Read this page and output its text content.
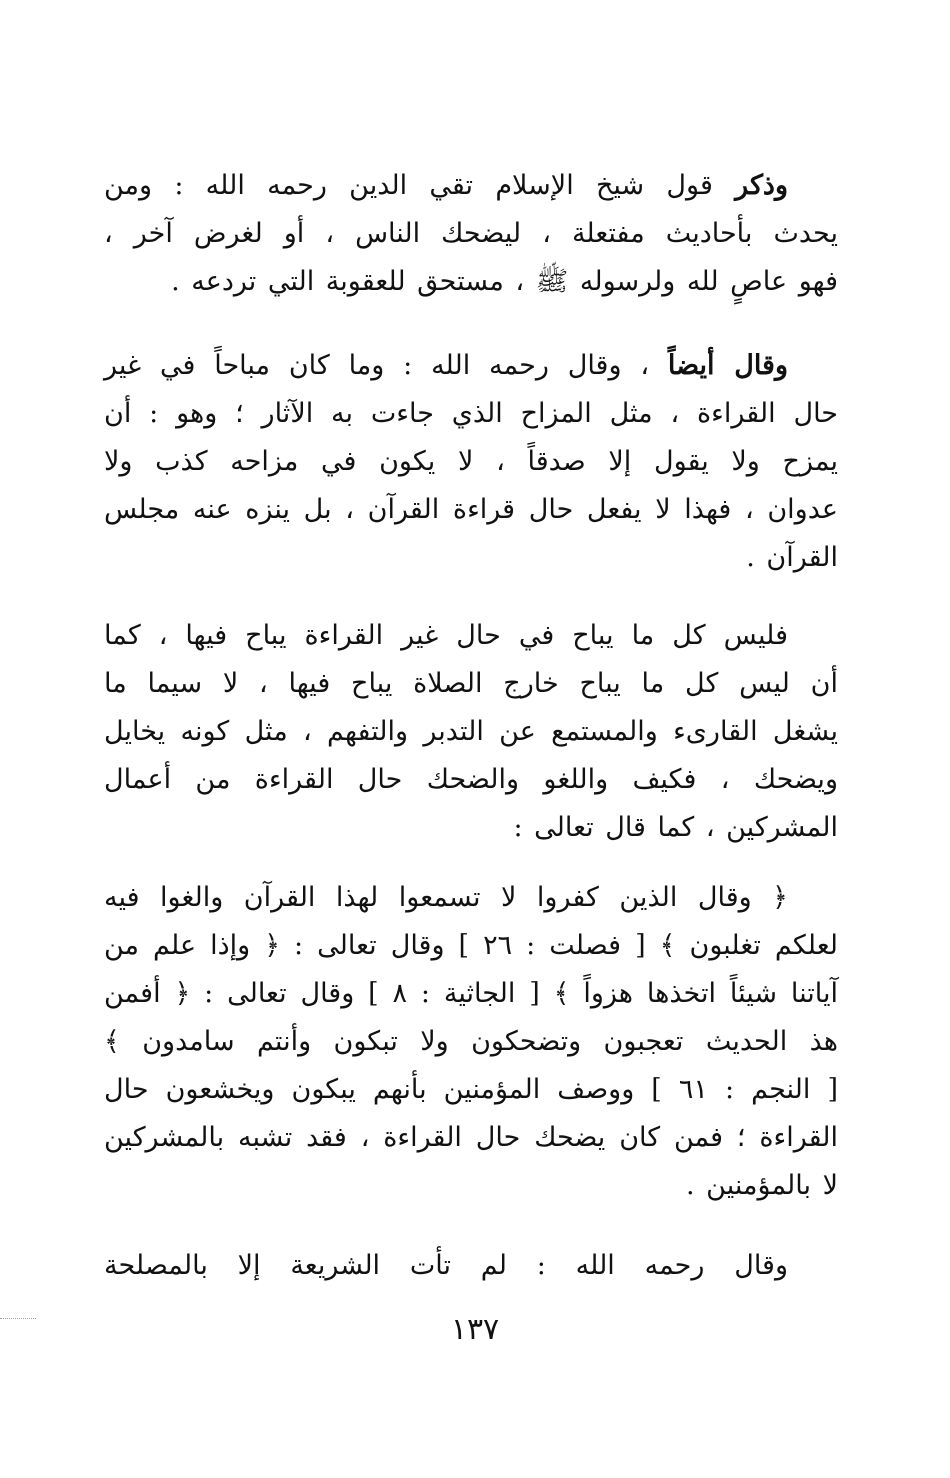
وذكر قول شيخ الإسلام تقي الدين رحمه الله : ومن
يحدث بأحاديث مفتعلة ، ليضحك الناس ، أو لغرض آخر ،
فهو عاصٍ لله ولرسوله ﷺ ، مستحق للعقوبة التي تردعه .

وقال أيضاً ، وقال رحمه الله : وما كان مباحاً في غير
حال القراءة ، مثل المزاح الذي جاءت به الآثار ؛ وهو : أن
يمزح ولا يقول إلا صدقاً ، لا يكون في مزاحه كذب ولا
عدوان ، فهذا لا يفعل حال قراءة القرآن ، بل ينزه عنه مجلس
القرآن .

فليس كل ما يباح في حال غير القراءة يباح فيها ، كما
أن ليس كل ما يباح خارج الصلاة يباح فيها ، لا سيما ما
يشغل القارىء والمستمع عن التدبر والتفهم ، مثل كونه يخايل
ويضحك ، فكيف واللغو والضحك حال القراءة من أعمال
المشركين ، كما قال تعالى :

﴿ وقال الذين كفروا لا تسمعوا لهذا القرآن والغوا فيه
لعلكم تغلبون ﴾ [ فصلت : ٢٦ ] وقال تعالى : ﴿ وإذا علم من
آياتنا شيئاً اتخذها هزواً ﴾ [ الجاثية : ٨ ] وقال تعالى : ﴿ أفمن
هذ الحديث تعجبون وتضحكون ولا تبكون وأنتم سامدون ﴾
[ النجم : ٦١ ] ووصف المؤمنين بأنهم يبكون ويخشعون حال
القراءة ؛ فمن كان يضحك حال القراءة ، فقد تشبه بالمشركين
لا بالمؤمنين .

وقال رحمه الله : لم تأت الشريعة إلا بالمصلحة

١٣٧
